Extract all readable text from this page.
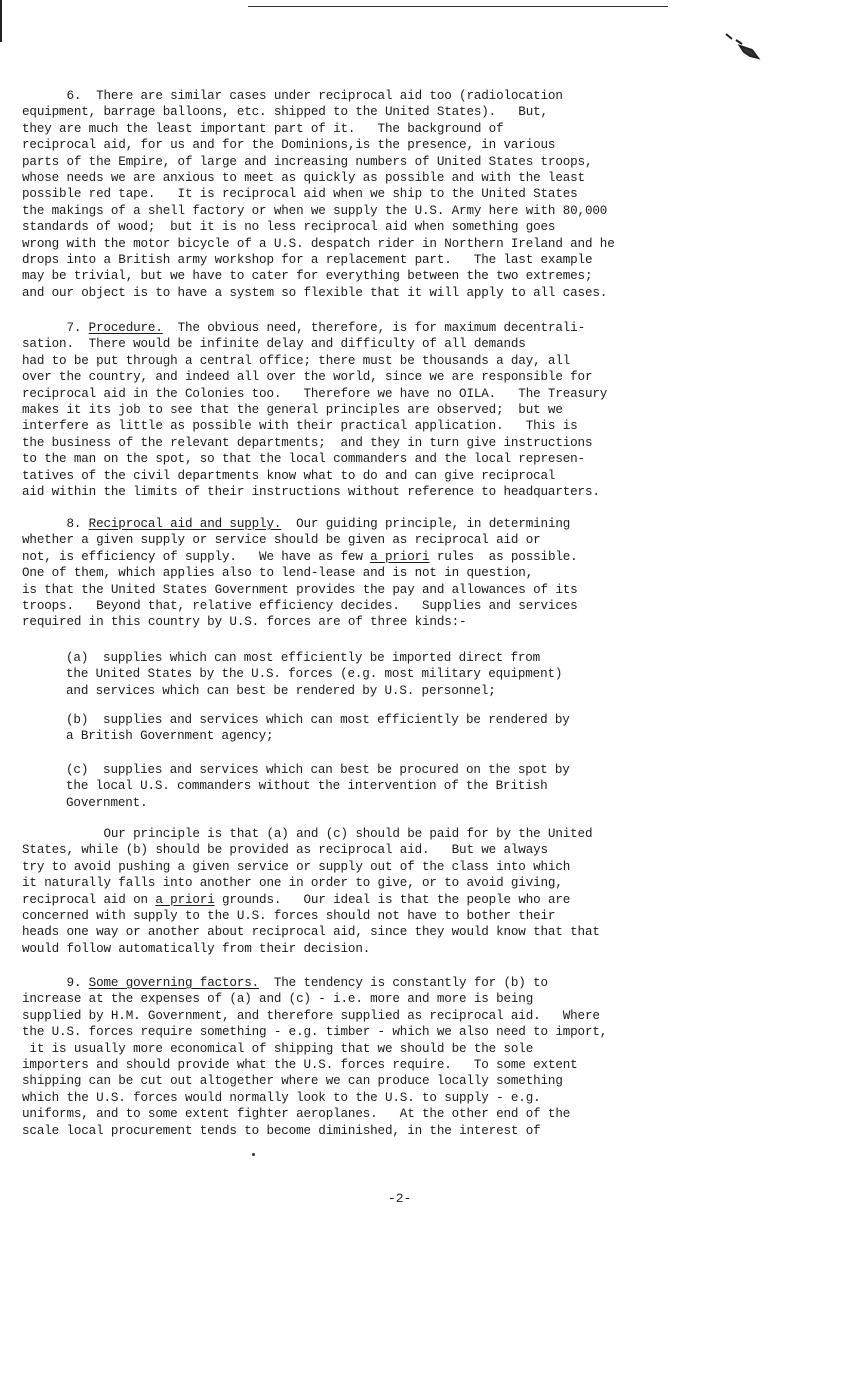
6.  There are similar cases under reciprocal aid too (radiolocation
equipment, barrage balloons, etc. shipped to the United States).   But,
they are much the least important part of it.   The background of
reciprocal aid, for us and for the Dominions,is the presence, in various
parts of the Empire, of large and increasing numbers of United States troops,
whose needs we are anxious to meet as quickly as possible and with the least
possible red tape.   It is reciprocal aid when we ship to the United States
the makings of a shell factory or when we supply the U.S. Army here with 80,000
standards of wood;  but it is no less reciprocal aid when something goes
wrong with the motor bicycle of a U.S. despatch rider in Northern Ireland and he
drops into a British army workshop for a replacement part.   The last example
may be trivial, but we have to cater for everything between the two extremes;
and our object is to have a system so flexible that it will apply to all cases.
7. Procedure.  The obvious need, therefore, is for maximum decentrali-
sation.  There would be infinite delay and difficulty of all demands
had to be put through a central office; there must be thousands a day, all
over the country, and indeed all over the world, since we are responsible for
reciprocal aid in the Colonies too.   Therefore we have no OILA.   The Treasury
makes it its job to see that the general principles are observed;  but we
interfere as little as possible with their practical application.   This is
the business of the relevant departments;  and they in turn give instructions
to the man on the spot, so that the local commanders and the local represen-
tatives of the civil departments know what to do and can give reciprocal
aid within the limits of their instructions without reference to headquarters.
8. Reciprocal aid and supply.  Our guiding principle, in determining
whether a given supply or service should be given as reciprocal aid or
not, is efficiency of supply.   We have as few a priori rules  as possible.
One of them, which applies also to lend-lease and is not in question,
is that the United States Government provides the pay and allowances of its
troops.   Beyond that, relative efficiency decides.   Supplies and services
required in this country by U.S. forces are of three kinds:-
(a)  supplies which can most efficiently be imported direct from
the United States by the U.S. forces (e.g. most military equipment)
and services which can best be rendered by U.S. personnel;
(b)  supplies and services which can most efficiently be rendered by
a British Government agency;
(c)  supplies and services which can best be procured on the spot by
the local U.S. commanders without the intervention of the British
Government.
Our principle is that (a) and (c) should be paid for by the United
States, while (b) should be provided as reciprocal aid.   But we always
try to avoid pushing a given service or supply out of the class into which
it naturally falls into another one in order to give, or to avoid giving,
reciprocal aid on a priori grounds.   Our ideal is that the people who are
concerned with supply to the U.S. forces should not have to bother their
heads one way or another about reciprocal aid, since they would know that that
would follow automatically from their decision.
9. Some governing factors.  The tendency is constantly for (b) to
increase at the expenses of (a) and (c) - i.e. more and more is being
supplied by H.M. Government, and therefore supplied as reciprocal aid.   Where
the U.S. forces require something - e.g. timber - which we also need to import,
it is usually more economical of shipping that we should be the sole
importers and should provide what the U.S. forces require.   To some extent
shipping can be cut out altogether where we can produce locally something
which the U.S. forces would normally look to the U.S. to supply - e.g.
uniforms, and to some extent fighter aeroplanes.   At the other end of the
scale local procurement tends to become diminished, in the interest of
-2-
